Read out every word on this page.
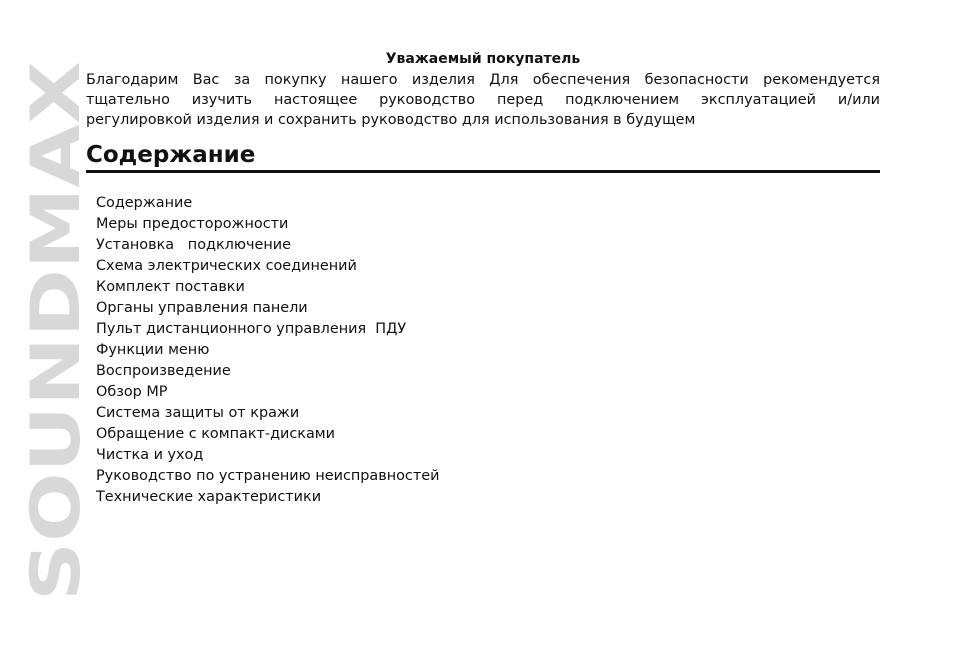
SOUNDMAX

Уважаемый покупатель

Благодарим Вас за покупку нашего изделия Для обеспечения безопасности рекомендуется
тщательно изучить настоящее руководство перед подключением эксплуатацией и/или
регулировкой изделия и сохранить руководство для использования в будущем

Содержание
Содержание
Меры предосторожности
Установка   подключение
Схема электрических соединений
Комплект поставки
Органы управления панели
Пульт дистанционного управления  ПДУ
Функции меню
Воспроизведение
Обзор МР
Система защиты от кражи
Обращение с компакт-дисками
Чистка и уход
Руководство по устранению неисправностей
Технические характеристики
